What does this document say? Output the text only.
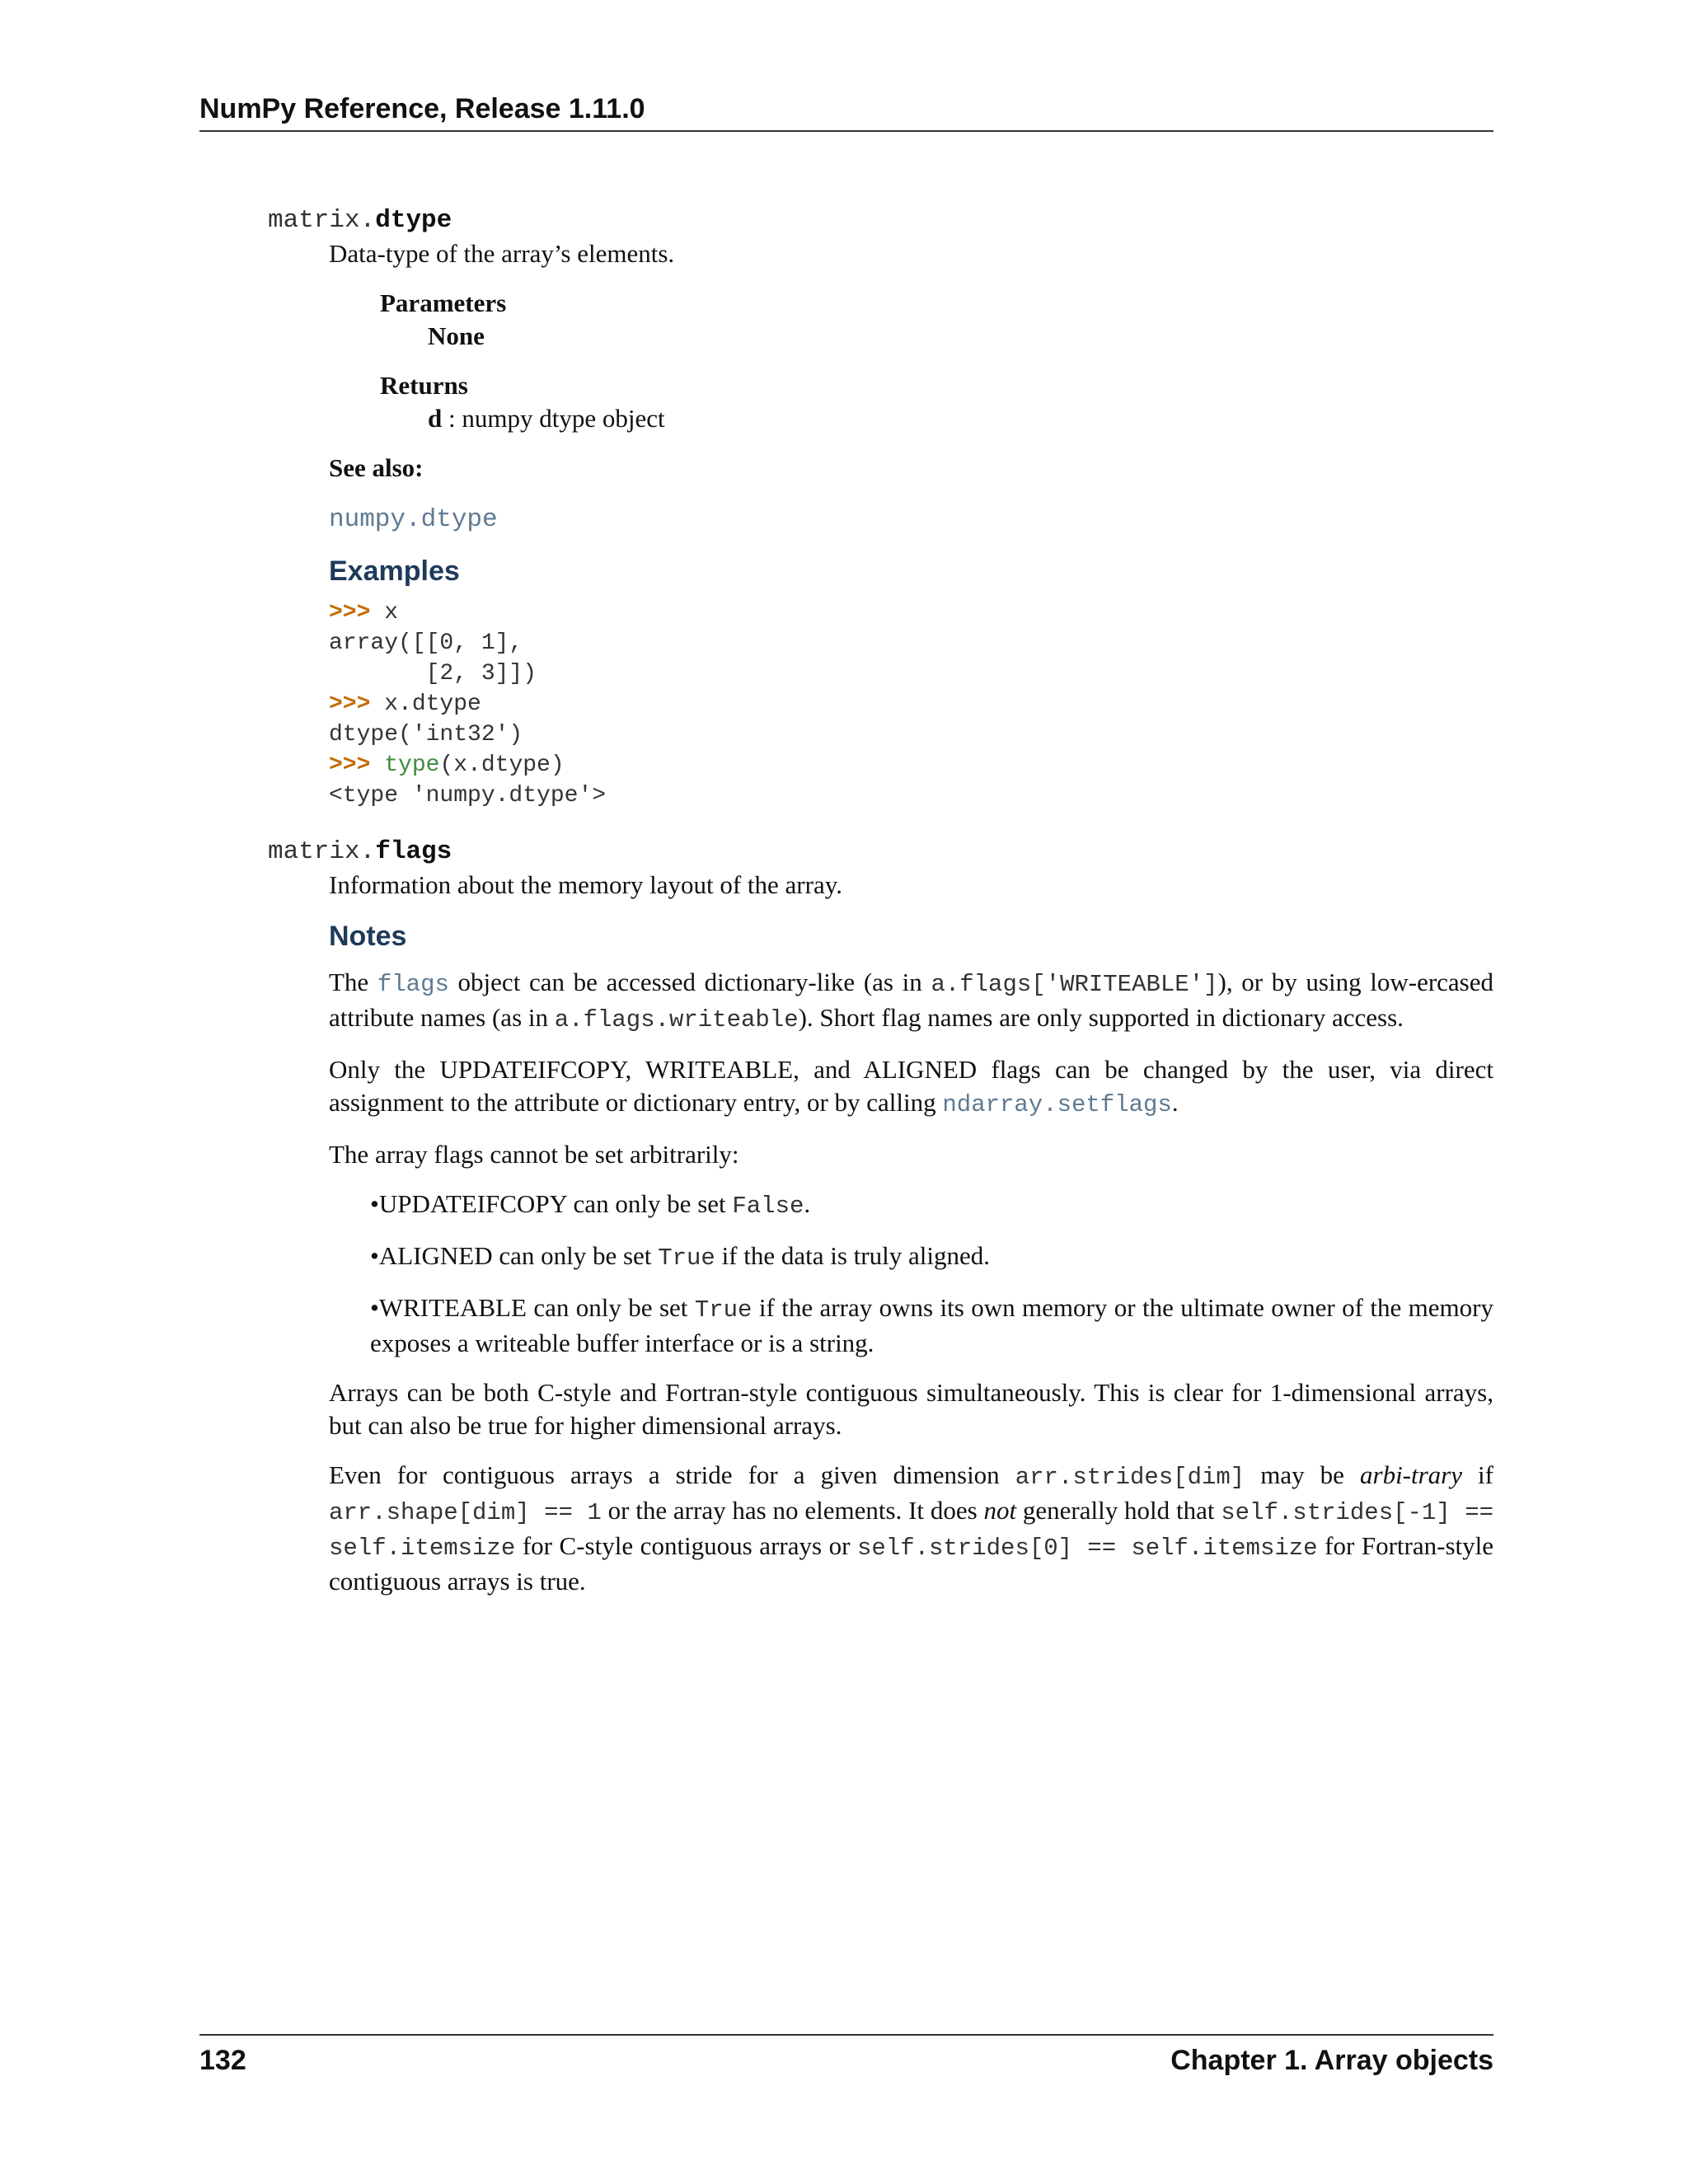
NumPy Reference, Release 1.11.0
matrix.dtype
Data-type of the array’s elements.
Parameters
None
Returns
d : numpy dtype object
See also:
numpy.dtype
Examples
>>> x
array([[0, 1],
[2, 3]])
>>> x.dtype
dtype('int32')
>>> type(x.dtype)
<type 'numpy.dtype'>
matrix.flags
Information about the memory layout of the array.
Notes
The flags object can be accessed dictionary-like (as in a.flags['WRITEABLE']), or by using low-ercased attribute names (as in a.flags.writeable). Short flag names are only supported in dictionary access.
Only the UPDATEIFCOPY, WRITEABLE, and ALIGNED flags can be changed by the user, via direct assignment to the attribute or dictionary entry, or by calling ndarray.setflags.
The array flags cannot be set arbitrarily:
•UPDATEIFCOPY can only be set False.
•ALIGNED can only be set True if the data is truly aligned.
•WRITEABLE can only be set True if the array owns its own memory or the ultimate owner of the memory exposes a writeable buffer interface or is a string.
Arrays can be both C-style and Fortran-style contiguous simultaneously. This is clear for 1-dimensional arrays, but can also be true for higher dimensional arrays.
Even for contiguous arrays a stride for a given dimension arr.strides[dim] may be arbi-trary if arr.shape[dim] == 1 or the array has no elements. It does not generally hold that self.strides[-1] == self.itemsize for C-style contiguous arrays or self.strides[0] == self.itemsize for Fortran-style contiguous arrays is true.
132	Chapter 1. Array objects
